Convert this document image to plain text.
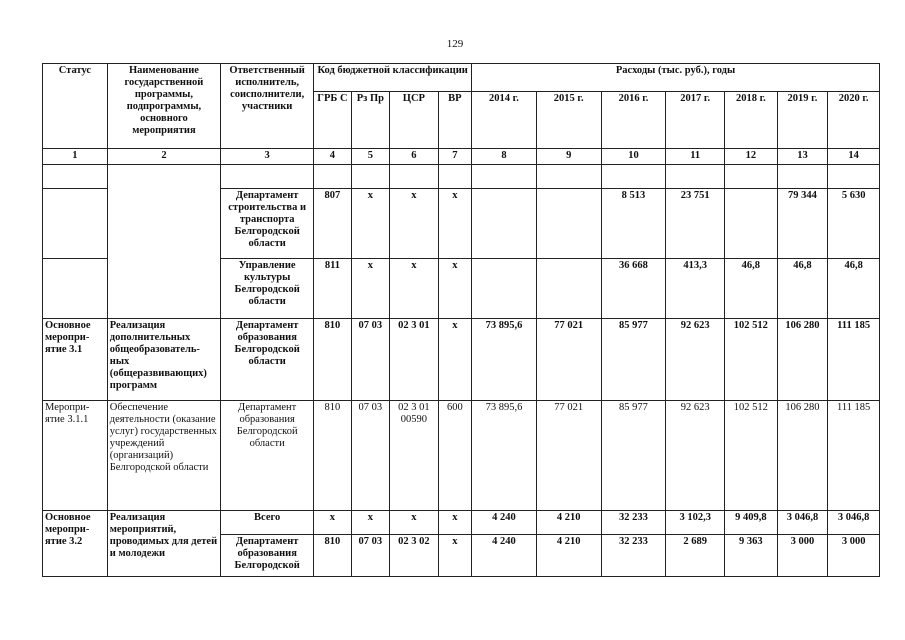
129
Статус	Наименование государственной программы, подпрограммы, основного мероприятия	Ответственный исполнитель, соисполнители, участники	Код бюджетной классификации				Расходы (тыс. руб.), годы						
			ГРБ С	Рз Пр	ЦСР	ВР	2014 г.	2015 г.	2016 г.	2017 г.	2018 г.	2019 г.	2020 г.
1	2	3	4	5	6	7	8	9	10	11	12	13	14

		Департамент строительства и транспорта Белгородской области	807	х	х	х			8 513	23 751		79 344	5 630
		Управление культуры Белгородской области	811	х	х	х			36 668	413,3	46,8	46,8	46,8
Основное меропри-ятие 3.1	Реализация дополнительных общеобразователь-ных (общеразвивающих) программ	Департамент образования Белгородской области	810	07 03	02 3 01	х	73 895,6	77 021	85 977	92 623	102 512	106 280	111 185
Меропри-ятие 3.1.1	Обеспечение деятельности (оказание услуг) государственных учреждений (организаций) Белгородской области	Департамент образования Белгородской области	810	07 03	02 3 01 00590	600	73 895,6	77 021	85 977	92 623	102 512	106 280	111 185
Основное меропри-ятие 3.2	Реализация мероприятий, проводимых для детей и молодежи	Всего	х	х	х	х	4 240	4 210	32 233	3 102,3	9 409,8	3 046,8	3 046,8
		Департамент образования Белгородской	810	07 03	02 3 02	х	4 240	4 210	32 233	2 689	9 363	3 000	3 000
